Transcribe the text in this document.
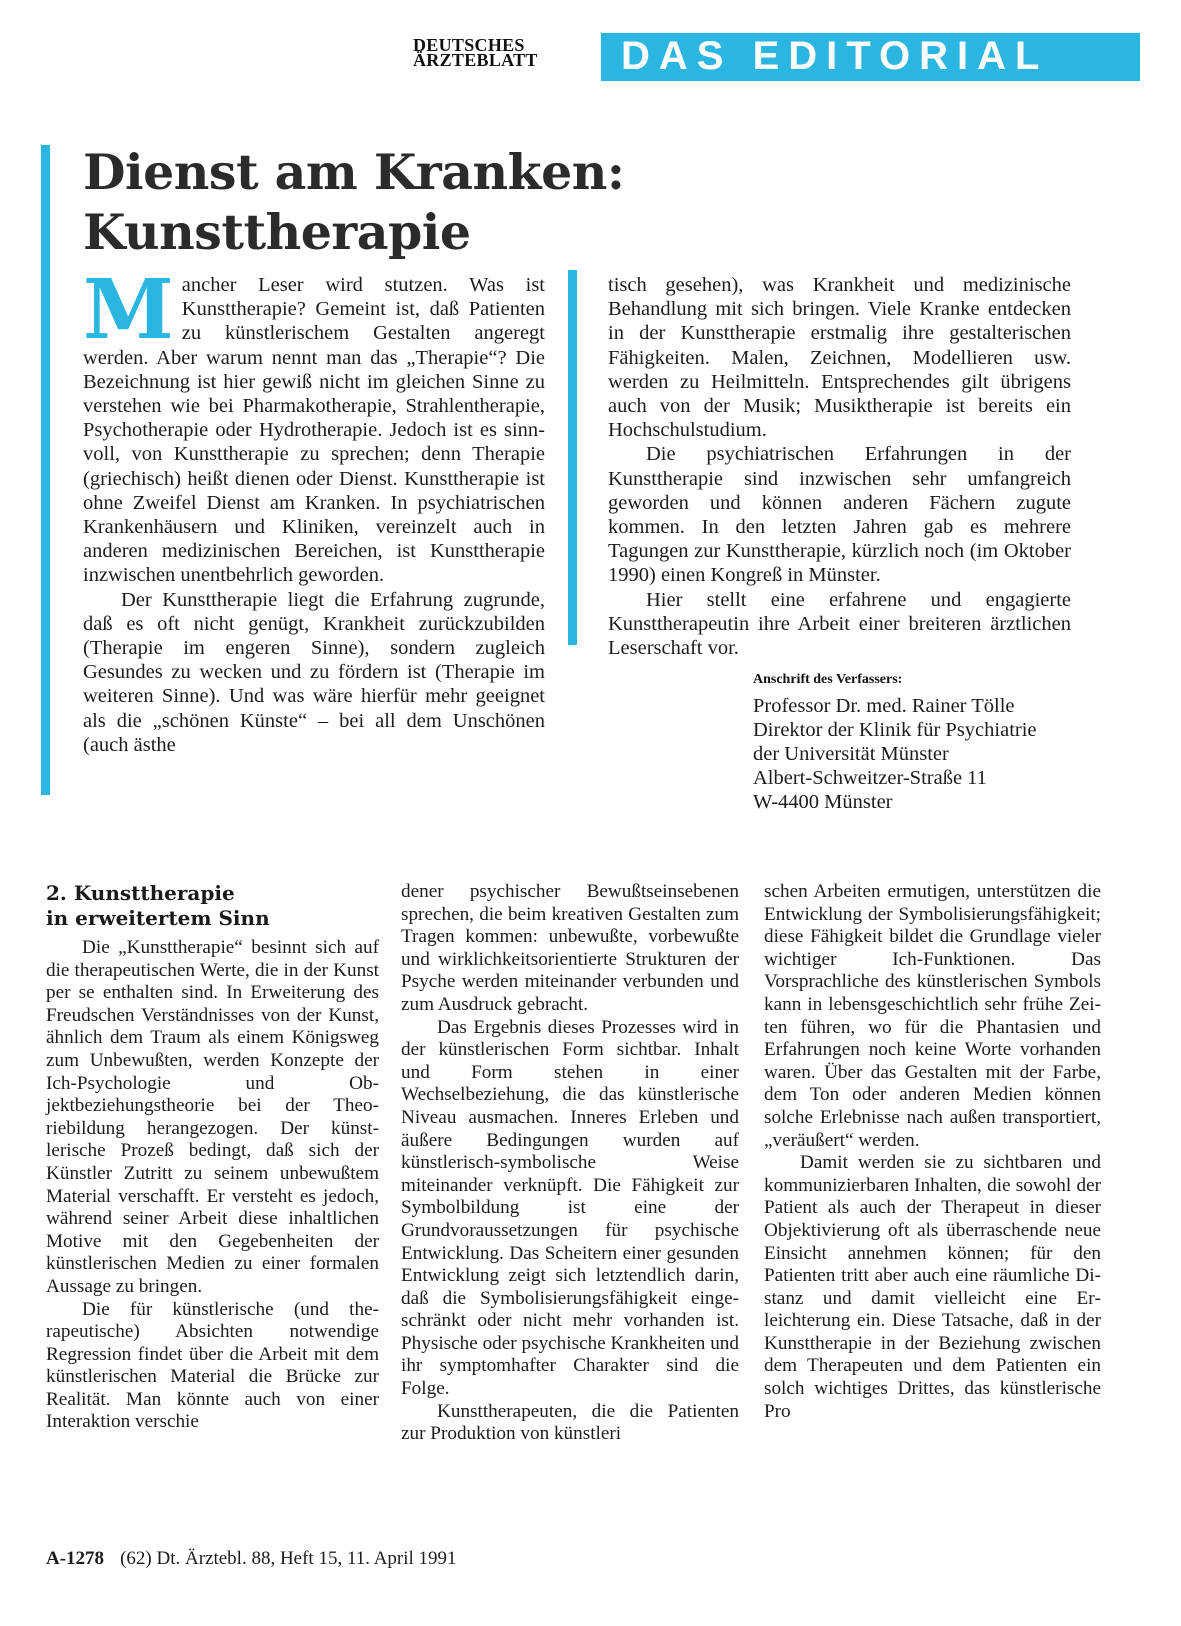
DEUTSCHES
ÄRZTEBLATT DAS EDITORIAL
Dienst am Kranken:
Kunsttherapie

Mancher Leser wird stutzen. Was ist Kunsttherapie? Gemeint ist, daß Patienten zu künstlerischem Gestalten angeregt werden. Aber warum nennt man das „Therapie“? Die Bezeichnung ist hier gewiß nicht im gleichen Sinne zu verstehen wie bei Pharmakotherapie, Strahlentherapie, Psychotherapie oder Hydrotherapie. Jedoch ist es sinnvoll, von Kunsttherapie zu sprechen; denn Therapie (griechisch) heißt dienen oder Dienst. Kunsttherapie ist ohne Zweifel Dienst am Kranken. In psychiatrischen Krankenhäusern und Kliniken, vereinzelt auch in anderen medizinischen Bereichen, ist Kunsttherapie inzwischen unentbehrlich geworden.

Der Kunsttherapie liegt die Erfahrung zugrunde, daß es oft nicht genügt, Krankheit zurückzubilden (Therapie im engeren Sinne), sondern zugleich Gesundes zu wecken und zu fördern ist (Therapie im weiteren Sinne). Und was wäre hierfür mehr geeignet als die „schönen Künste“ – bei all dem Unschönen (auch ästhe

tisch gesehen), was Krankheit und medizinische Behandlung mit sich bringen. Viele Kranke entdecken in der Kunsttherapie erstmalig ihre gestalterischen Fähigkeiten. Malen, Zeichnen, Modellieren usw. werden zu Heilmitteln. Entsprechendes gilt übrigens auch von der Musik; Musiktherapie ist bereits ein Hochschulstudium.

Die psychiatrischen Erfahrungen in der Kunsttherapie sind inzwischen sehr umfangreich geworden und können anderen Fächern zugute kommen. In den letzten Jahren gab es mehrere Tagungen zur Kunsttherapie, kürzlich noch (im Oktober 1990) einen Kongreß in Münster.

Hier stellt eine erfahrene und engagierte Kunsttherapeutin ihre Arbeit einer breiteren ärztlichen Leserschaft vor.

Anschrift des Verfassers:
Professor Dr. med. Rainer Tölle
Direktor der Klinik für Psychiatrie
der Universität Münster
Albert-Schweitzer-Straße 11
W-4400 Münster
2. Kunsttherapie
in erweitertem Sinn

Die „Kunsttherapie“ besinnt sich auf die therapeutischen Werte, die in der Kunst per se enthalten sind. In Erweiterung des Freudschen Verständnisses von der Kunst, ähnlich dem Traum als einem Königsweg zum Unbewußten, werden Konzepte der Ich-Psychologie und Objektbeziehungstheorie bei der Theoriebildung herangezogen. Der künstlerische Prozeß bedingt, daß sich der Künstler Zutritt zu seinem unbewußtem Material verschafft. Er versteht es jedoch, während seiner Arbeit diese inhaltlichen Motive mit den Gegebenheiten der künstlerischen Medien zu einer formalen Aussage zu bringen.

Die für künstlerische (und therapeutische) Absichten notwendige Regression findet über die Arbeit mit dem künstlerischen Material die Brücke zur Realität. Man könnte auch von einer Interaktion verschie

dener psychischer Bewußtseinsebenen sprechen, die beim kreativen Gestalten zum Tragen kommen: unbewußte, vorbewußte und wirklichkeitsorientierte Strukturen der Psyche werden miteinander verbunden und zum Ausdruck gebracht.

Das Ergebnis dieses Prozesses wird in der künstlerischen Form sichtbar. Inhalt und Form stehen in einer Wechselbeziehung, die das künstlerische Niveau ausmachen. Inneres Erleben und äußere Bedingungen wurden auf künstlerisch-symbolische Weise miteinander verknüpft. Die Fähigkeit zur Symbolbildung ist eine der Grundvoraussetzungen für psychische Entwicklung. Das Scheitern einer gesunden Entwicklung zeigt sich letztendlich darin, daß die Symbolisierungsfähigkeit eingeschränkt oder nicht mehr vorhanden ist. Physische oder psychische Krankheiten und ihr symptomhafter Charakter sind die Folge.

Kunsttherapeuten, die die Patienten zur Produktion von künstleri

schen Arbeiten ermutigen, unterstützen die Entwicklung der Symbolisierungsfähigkeit; diese Fähigkeit bildet die Grundlage vieler wichtiger Ich-Funktionen. Das Vorsprachliche des künstlerischen Symbols kann in lebensgeschichtlich sehr frühe Zeiten führen, wo für die Phantasien und Erfahrungen noch keine Worte vorhanden waren. Über das Gestalten mit der Farbe, dem Ton oder anderen Medien können solche Erlebnisse nach außen transportiert, „veräußert“ werden.

Damit werden sie zu sichtbaren und kommunizierbaren Inhalten, die sowohl der Patient als auch der Therapeut in dieser Objektivierung oft als überraschende neue Einsicht annehmen können; für den Patienten tritt aber auch eine räumliche Distanz und damit vielleicht eine Erleichterung ein. Diese Tatsache, daß in der Kunsttherapie in der Beziehung zwischen dem Therapeuten und dem Patienten ein solch wichtiges Drittes, das künstlerische Pro

A-1278 (62) Dt. Ärztebl. 88, Heft 15, 11. April 1991
